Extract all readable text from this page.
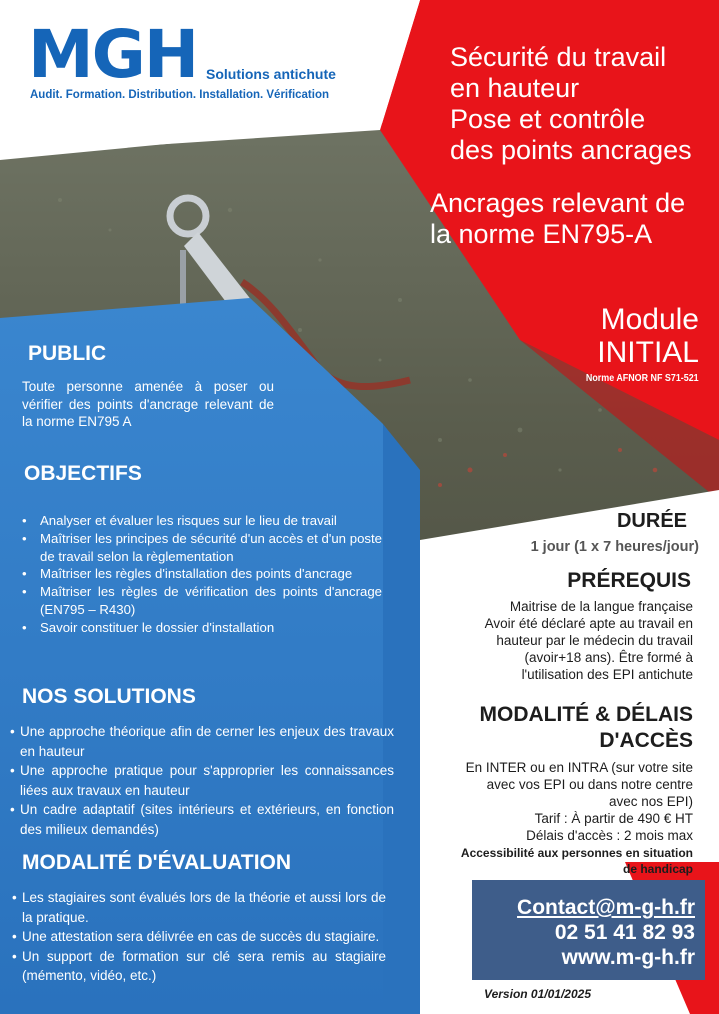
MGH Solutions antichute
Audit. Formation. Distribution. Installation. Vérification
Sécurité du travail
en hauteur
Pose et contrôle
des points ancrages
Ancrages relevant de
la norme EN795-A
Module
INITIAL
Norme AFNOR NF S71-521
PUBLIC
Toute personne amenée à poser ou vérifier des points d'ancrage relevant de la norme EN795 A
OBJECTIFS
• Analyser et évaluer les risques sur le lieu de travail
• Maîtriser les principes de sécurité d'un accès et d'un poste de travail selon la règlementation
• Maîtriser les règles d'installation des points d'ancrage
• Maîtriser les règles de vérification des points d'ancrage (EN795 – R430)
• Savoir constituer le dossier d'installation
NOS SOLUTIONS
• Une approche théorique afin de cerner les enjeux des travaux en hauteur
• Une approche pratique pour s'approprier les connaissances liées aux travaux en hauteur
• Un cadre adaptatif (sites intérieurs et extérieurs, en fonction des milieux demandés)
MODALITÉ D'ÉVALUATION
• Les stagiaires sont évalués lors de la théorie et aussi lors de la pratique.
• Une attestation sera délivrée en cas de succès du stagiaire.
• Un support de formation sur clé sera remis au stagiaire (mémento, vidéo, etc.)
DURÉE
1 jour (1 x 7 heures/jour)
PRÉREQUIS

Maitrise de la langue française

Avoir été déclaré apte au travail en

hauteur par le médecin du travail

(avoir+18 ans). Être formé à

l'utilisation des EPI antichute

MODALITÉ & DÉLAIS

D'ACCÈS

En INTER ou en INTRA (sur votre site

avec vos EPI ou dans notre centre

avec nos EPI)

Tarif : À partir de 490 € HT

Délais d'accès : 2 mois max

Accessibilité aux personnes en situation

de handicap

Contact@m-g-h.fr
02 51 41 82 93
www.m-g-h.fr
Version 01/01/2025
